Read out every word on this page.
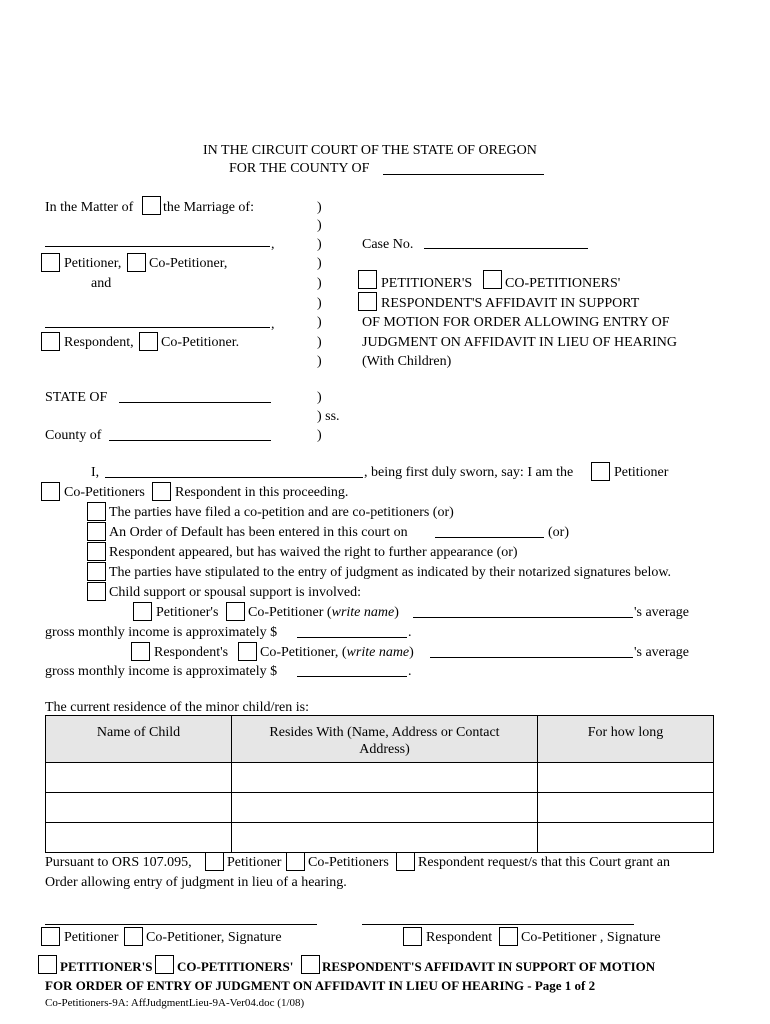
IN THE CIRCUIT COURT OF THE STATE OF OREGON
FOR THE COUNTY OF
In the Matter of the Marriage of:
,
Petitioner, Co-Petitioner,
and
,
Respondent, Co-Petitioner.
)
)
)
)
)
)
)
)
)
Case No.
PETITIONER'S CO-PETITIONERS'
RESPONDENT'S AFFIDAVIT IN SUPPORT
OF MOTION FOR ORDER ALLOWING ENTRY OF
JUDGMENT ON AFFIDAVIT IN LIEU OF HEARING
(With Children)
STATE OF	)
) ss.
County of	)
I,	, being first duly sworn, say: I am the	Petitioner
Co-Petitioners Respondent in this proceeding.
The parties have filed a co-petition and are co-petitioners (or)
An Order of Default has been entered in this court on	(or)
Respondent appeared, but has waived the right to further appearance (or)
The parties have stipulated to the entry of judgment as indicated by their notarized signatures below.
Child support or spousal support is involved:
Petitioner's Co-Petitioner (write name)	's average
gross monthly income is approximately $	.
Respondent's Co-Petitioner, (write name)	's average
gross monthly income is approximately $	.
The current residence of the minor child/ren is:
Name of Child	Resides With (Name, Address or Contact Address)	For how long

Pursuant to ORS 107.095,	Petitioner Co-Petitioners Respondent request/s that this Court grant an
Order allowing entry of judgment in lieu of a hearing.
Petitioner Co-Petitioner, Signature	Respondent Co-Petitioner , Signature
PETITIONER'S CO-PETITIONERS' RESPONDENT'S AFFIDAVIT IN SUPPORT OF MOTION
FOR ORDER OF ENTRY OF JUDGMENT ON AFFIDAVIT IN LIEU OF HEARING - Page 1 of 2
Co-Petitioners-9A: AffJudgmentLieu-9A-Ver04.doc (1/08)
